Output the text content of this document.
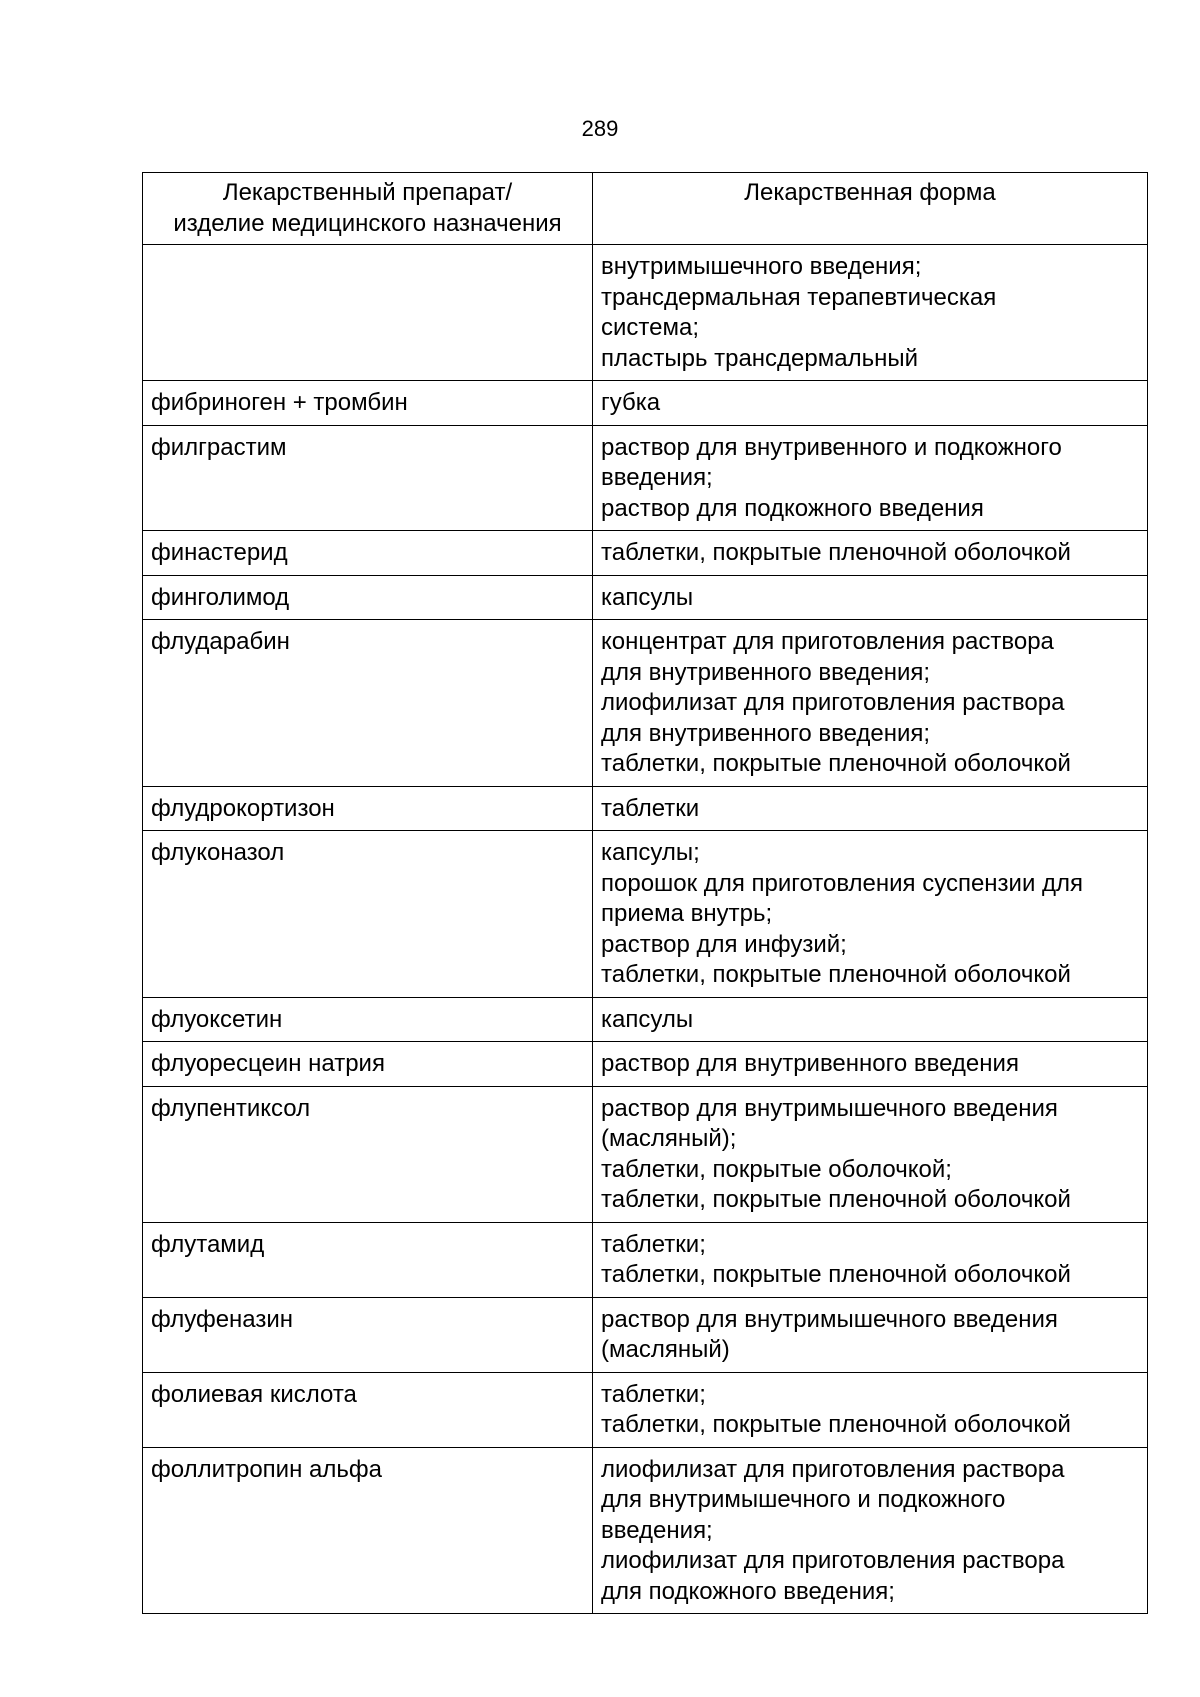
289
Лекарственный препарат/
изделие медицинского назначения	Лекарственная форма

	внутримышечного введения;
трансдермальная терапевтическая
система;
пластырь трансдермальный

фибриноген + тромбин	губка

филграстим	раствор для внутривенного и подкожного
введения;
раствор для подкожного введения

финастерид	таблетки, покрытые пленочной оболочкой

финголимод	капсулы

флударабин	концентрат для приготовления раствора
для внутривенного введения;
лиофилизат для приготовления раствора
для внутривенного введения;
таблетки, покрытые пленочной оболочкой

флудрокортизон	таблетки

флуконазол	капсулы;
порошок для приготовления суспензии для
приема внутрь;
раствор для инфузий;
таблетки, покрытые пленочной оболочкой

флуоксетин	капсулы

флуоресцеин натрия	раствор для внутривенного введения

флупентиксол	раствор для внутримышечного введения
(масляный);
таблетки, покрытые оболочкой;
таблетки, покрытые пленочной оболочкой

флутамид	таблетки;
таблетки, покрытые пленочной оболочкой

флуфеназин	раствор для внутримышечного введения
(масляный)

фолиевая кислота	таблетки;
таблетки, покрытые пленочной оболочкой

фоллитропин альфа	лиофилизат для приготовления раствора
для внутримышечного и подкожного
введения;
лиофилизат для приготовления раствора
для подкожного введения;
